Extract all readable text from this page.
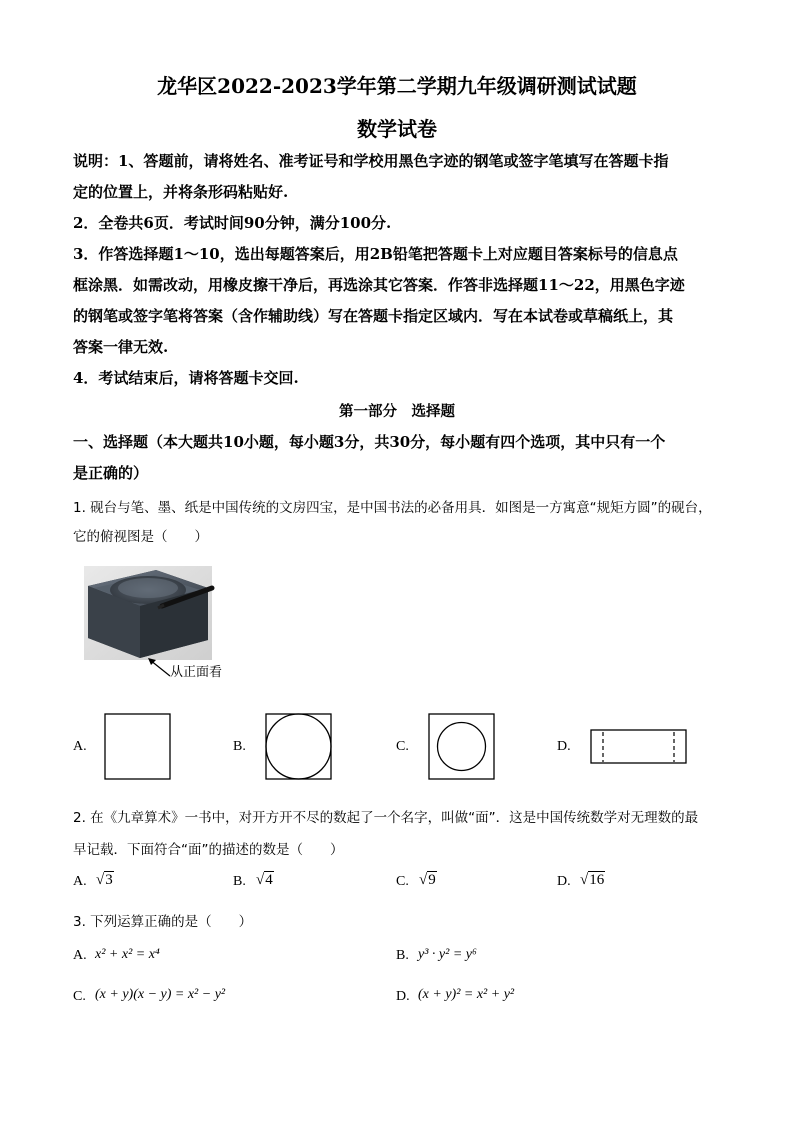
龙华区2022-2023学年第二学期九年级调研测试试题
数学试卷
说明：1、答题前，请将姓名、准考证号和学校用黑色字迹的钢笔或签字笔填写在答题卡指
定的位置上，并将条形码粘贴好.
2．全卷共6页．考试时间90分钟，满分100分.
3．作答选择题1～10，选出每题答案后，用2B铅笔把答题卡上对应题目答案标号的信息点
框涂黑．如需改动，用橡皮擦干净后，再选涂其它答案．作答非选择题11～22，用黑色字迹
的钢笔或签字笔将答案（含作辅助线）写在答题卡指定区域内．写在本试卷或草稿纸上，其
答案一律无效.
4．考试结束后，请将答题卡交回.
第一部分　选择题
一、选择题（本大题共10小题，每小题3分，共30分，每小题有四个选项，其中只有一个
是正确的）
1. 砚台与笔、墨、纸是中国传统的文房四宝，是中国书法的必备用具．如图是一方寓意“规矩方圆”的砚台，
它的俯视图是（　　）
从正面看
A.	B.	C.	D.
2. 在《九章算术》一书中，对开方开不尽的数起了一个名字，叫做“面”．这是中国传统数学对无理数的最
早记载．下面符合“面”的描述的数是（　　）
A. √3	B. √4	C. √9	D. √16
3. 下列运算正确的是（　　）
A. x² + x² = x⁴	B. y³ · y² = y⁶
C. (x + y)(x − y) = x² − y²	D. (x + y)² = x² + y²
